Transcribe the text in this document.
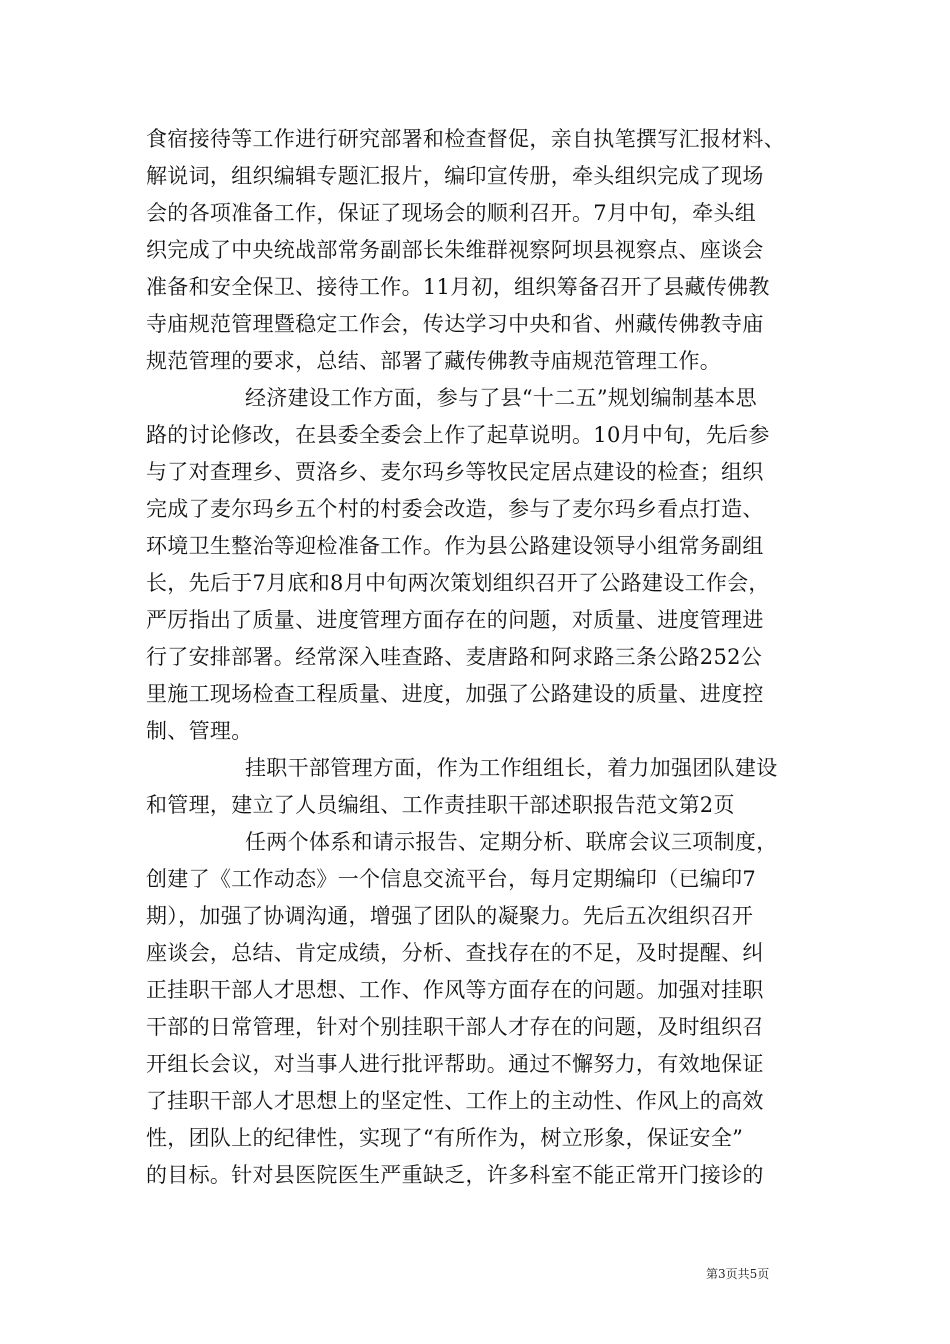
食宿接待等工作进行研究部署和检查督促，亲自执笔撰写汇报材料、
解说词，组织编辑专题汇报片，编印宣传册，牵头组织完成了现场
会的各项准备工作，保证了现场会的顺利召开。7月中旬，牵头组
织完成了中央统战部常务副部长朱维群视察阿坝县视察点、座谈会
准备和安全保卫、接待工作。11月初，组织筹备召开了县藏传佛教
寺庙规范管理暨稳定工作会，传达学习中央和省、州藏传佛教寺庙
规范管理的要求，总结、部署了藏传佛教寺庙规范管理工作。
经济建设工作方面，参与了县“十二五”规划编制基本思
路的讨论修改，在县委全委会上作了起草说明。10月中旬，先后参
与了对查理乡、贾洛乡、麦尔玛乡等牧民定居点建设的检查；组织
完成了麦尔玛乡五个村的村委会改造，参与了麦尔玛乡看点打造、
环境卫生整治等迎检准备工作。作为县公路建设领导小组常务副组
长，先后于7月底和8月中旬两次策划组织召开了公路建设工作会，
严厉指出了质量、进度管理方面存在的问题，对质量、进度管理进
行了安排部署。经常深入哇查路、麦唐路和阿求路三条公路252公
里施工现场检查工程质量、进度，加强了公路建设的质量、进度控
制、管理。
挂职干部管理方面，作为工作组组长，着力加强团队建设
和管理，建立了人员编组、工作责挂职干部述职报告范文第2页
任两个体系和请示报告、定期分析、联席会议三项制度，
创建了《工作动态》一个信息交流平台，每月定期编印（已编印7
期），加强了协调沟通，增强了团队的凝聚力。先后五次组织召开
座谈会，总结、肯定成绩，分析、查找存在的不足，及时提醒、纠
正挂职干部人才思想、工作、作风等方面存在的问题。加强对挂职
干部的日常管理，针对个别挂职干部人才存在的问题，及时组织召
开组长会议，对当事人进行批评帮助。通过不懈努力，有效地保证
了挂职干部人才思想上的坚定性、工作上的主动性、作风上的高效
性，团队上的纪律性，实现了“有所作为，树立形象，保证安全”
的目标。针对县医院医生严重缺乏，许多科室不能正常开门接诊的
第3页共5页
